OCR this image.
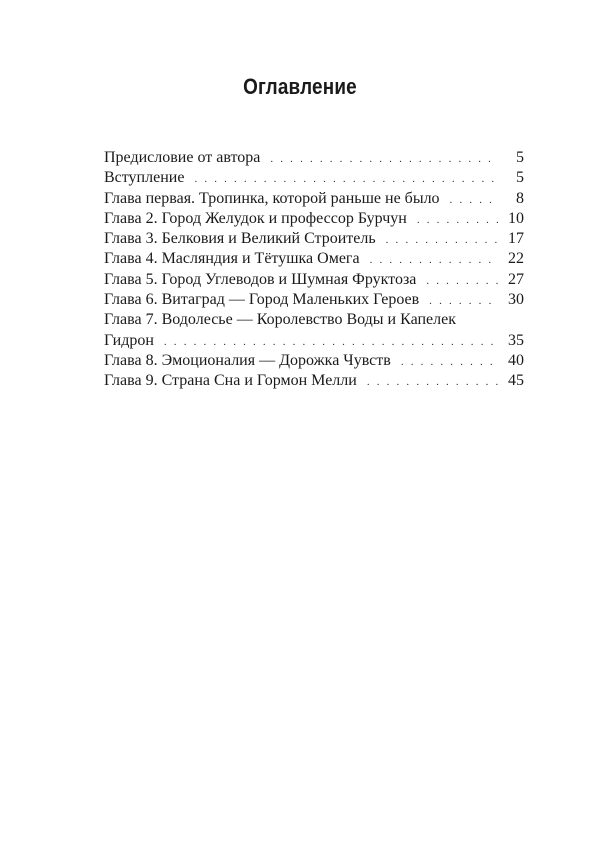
Оглавление
Предисловие от автора . . .	5
Вступление . . .	5
Глава первая. Тропинка, которой раньше не было . . .	8
Глава 2. Город Желудок и профессор Бурчун . . .	10
Глава 3. Белковия и Великий Строитель . . .	17
Глава 4. Масляндия и Тётушка Омега . . .	22
Глава 5. Город Углеводов и Шумная Фруктоза . . .	27
Глава 6. Витаград — Город Маленьких Героев . . .	30
Глава 7. Водолесье — Королевство Воды и Капелек
Гидрон . . .	35
Глава 8. Эмоционалия — Дорожка Чувств . . .	40
Глава 9. Страна Сна и Гормон Мелли . . .	45
